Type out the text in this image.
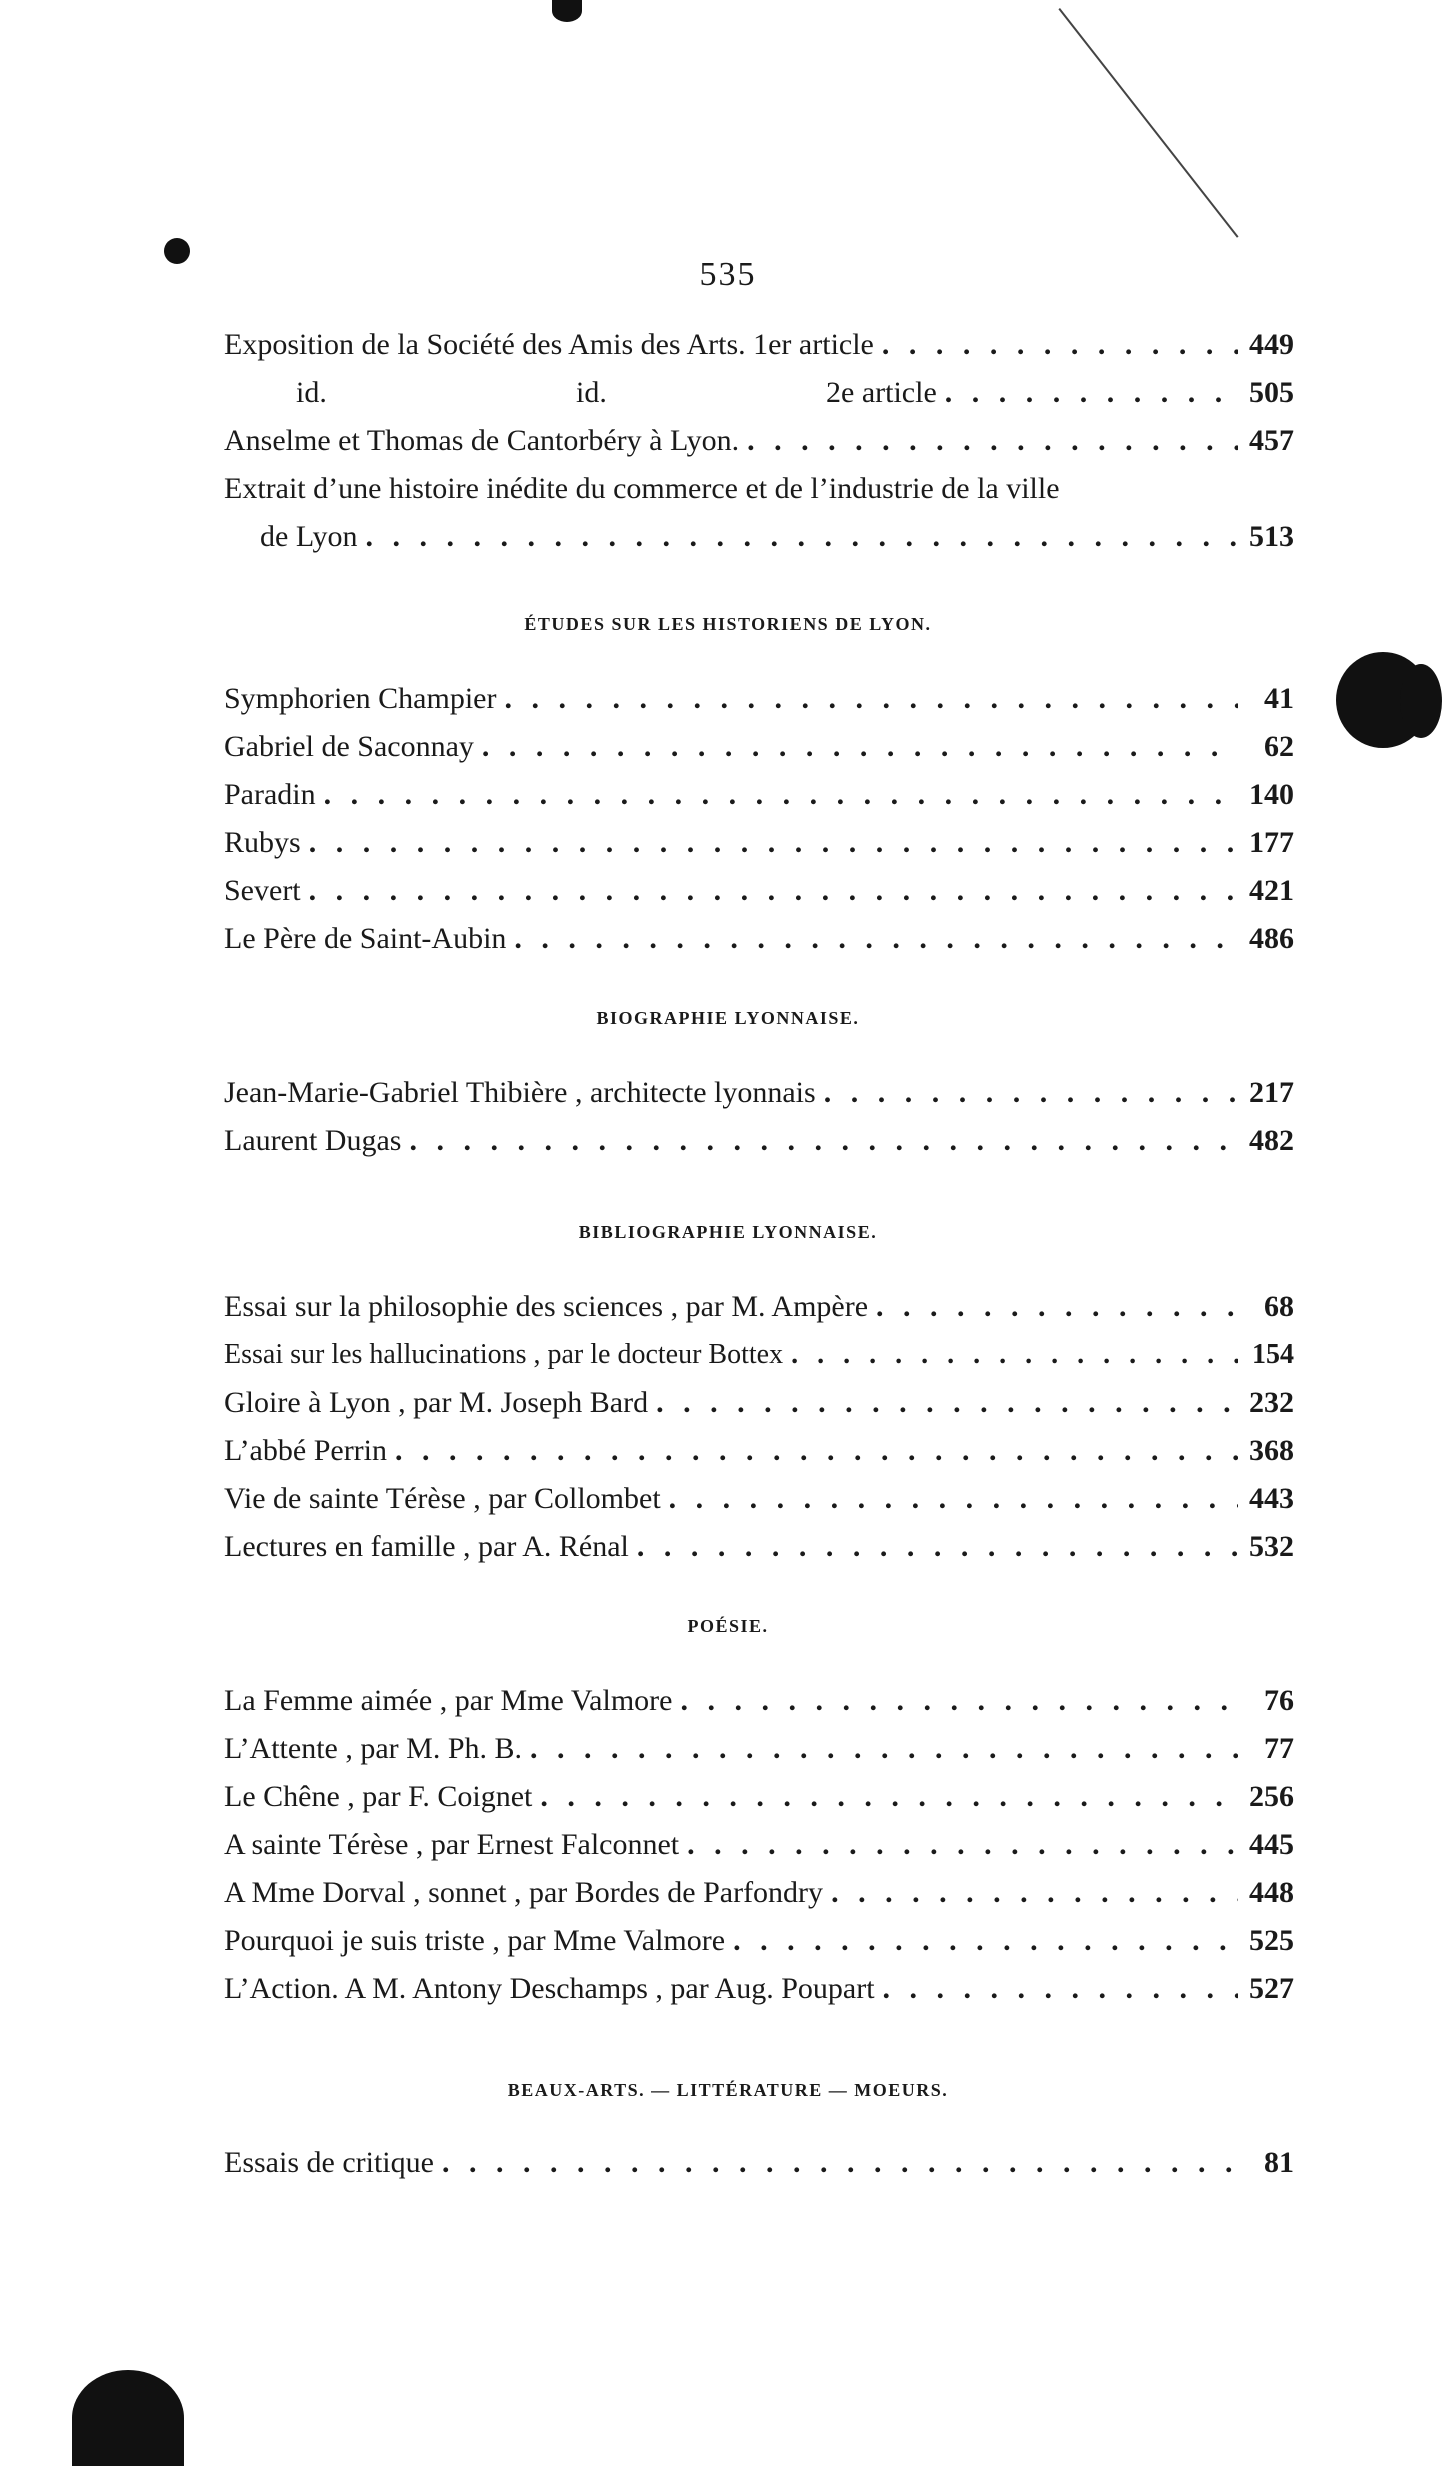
535
Exposition de la Société des Amis des Arts. 1er article . . .	449
id.	id.	2e article . . .	505
Anselme et Thomas de Cantorbéry à Lyon. . . .	457
Extrait d’une histoire inédite du commerce et de l’industrie de la ville
de Lyon . . .	513
ÉTUDES SUR LES HISTORIENS DE LYON.
Symphorien Champier . . .	41
Gabriel de Saconnay . . .	62
Paradin . . .	140
Rubys . . .	177
Severt . . .	421
Le Père de Saint-Aubin . . .	486
BIOGRAPHIE LYONNAISE.
Jean-Marie-Gabriel Thibière , architecte lyonnais . . .	217
Laurent Dugas . . .	482
BIBLIOGRAPHIE LYONNAISE.
Essai sur la philosophie des sciences , par M. Ampère . . .	68
Essai sur les hallucinations , par le docteur Bottex . . .	154
Gloire à Lyon , par M. Joseph Bard . . .	232
L’abbé Perrin . . .	368
Vie de sainte Térèse , par Collombet . . .	443
Lectures en famille , par A. Rénal . . .	532
POÉSIE.
La Femme aimée , par Mme Valmore . . .	76
L’Attente , par M. Ph. B. . . .	77
Le Chêne , par F. Coignet . . .	256
A sainte Térèse , par Ernest Falconnet . . .	445
A Mme Dorval , sonnet , par Bordes de Parfondry . . .	448
Pourquoi je suis triste , par Mme Valmore . . .	525
L’Action. A M. Antony Deschamps , par Aug. Poupart . . .	527
BEAUX-ARTS. — LITTÉRATURE — MOEURS.
Essais de critique . . .	81
